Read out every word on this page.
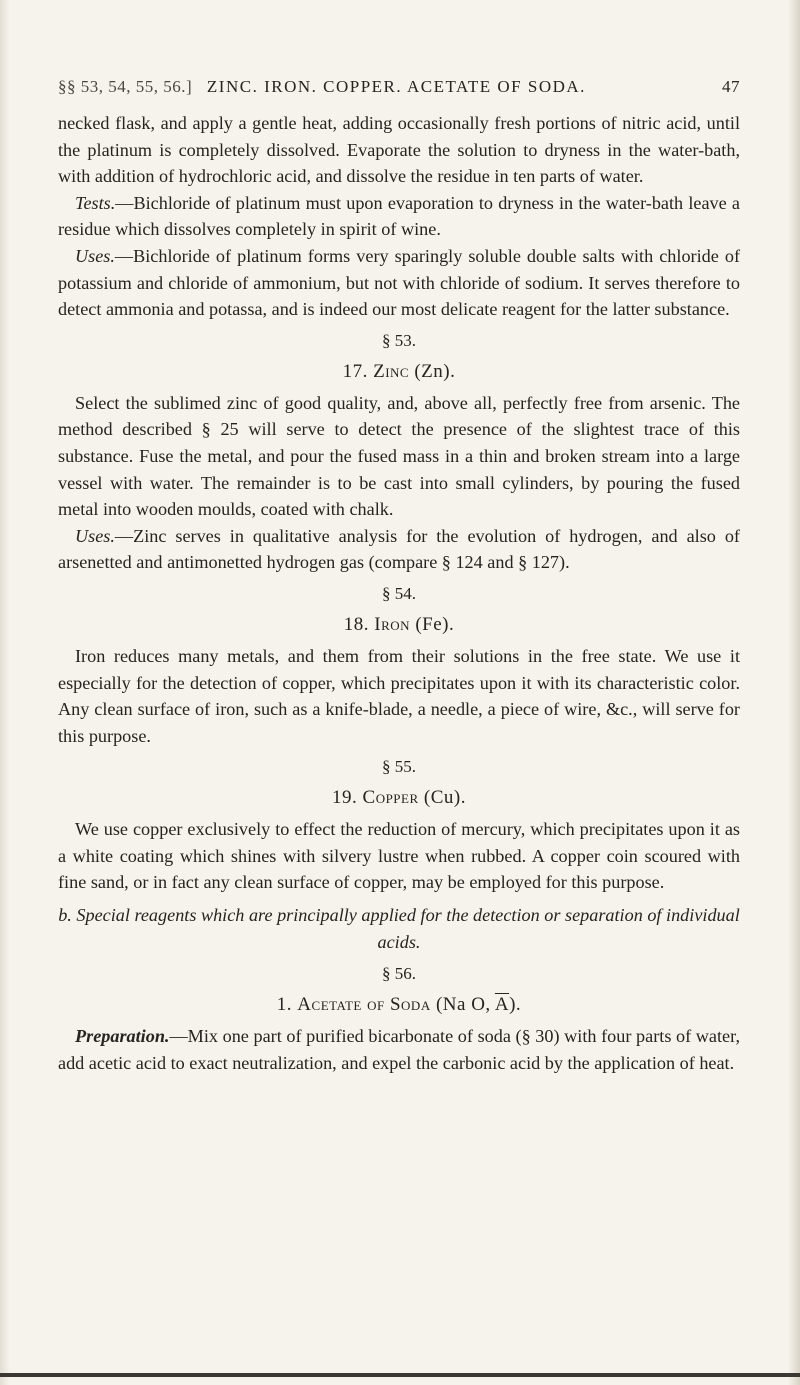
§§ 53, 54, 55, 56.] ZINC. IRON. COPPER. ACETATE OF SODA.	47

necked flask, and apply a gentle heat, adding occasionally fresh portions of nitric acid, until the platinum is completely dissolved. Evaporate the solution to dryness in the water-bath, with addition of hydrochloric acid, and dissolve the residue in ten parts of water.

Tests.—Bichloride of platinum must upon evaporation to dryness in the water-bath leave a residue which dissolves completely in spirit of wine.

Uses.—Bichloride of platinum forms very sparingly soluble double salts with chloride of potassium and chloride of ammonium, but not with chloride of sodium. It serves therefore to detect ammonia and potassa, and is indeed our most delicate reagent for the latter substance.

§ 53.
17. Zinc (Zn).

Select the sublimed zinc of good quality, and, above all, perfectly free from arsenic. The method described § 25 will serve to detect the presence of the slightest trace of this substance. Fuse the metal, and pour the fused mass in a thin and broken stream into a large vessel with water. The remainder is to be cast into small cylinders, by pouring the fused metal into wooden moulds, coated with chalk.

Uses.—Zinc serves in qualitative analysis for the evolution of hydrogen, and also of arsenetted and antimonetted hydrogen gas (compare § 124 and § 127).

§ 54.
18. Iron (Fe).

Iron reduces many metals, and them from their solutions in the free state. We use it especially for the detection of copper, which precipitates upon it with its characteristic color. Any clean surface of iron, such as a knife-blade, a needle, a piece of wire, &c., will serve for this purpose.

§ 55.
19. Copper (Cu).

We use copper exclusively to effect the reduction of mercury, which precipitates upon it as a white coating which shines with silvery lustre when rubbed. A copper coin scoured with fine sand, or in fact any clean surface of copper, may be employed for this purpose.

b. Special reagents which are principally applied for the detection or separation of individual acids.
§ 56.
1. Acetate of Soda (Na O, $\overline{A}$).

Preparation.—Mix one part of purified bicarbonate of soda (§ 30) with four parts of water, add acetic acid to exact neutralization, and expel the carbonic acid by the application of heat.
